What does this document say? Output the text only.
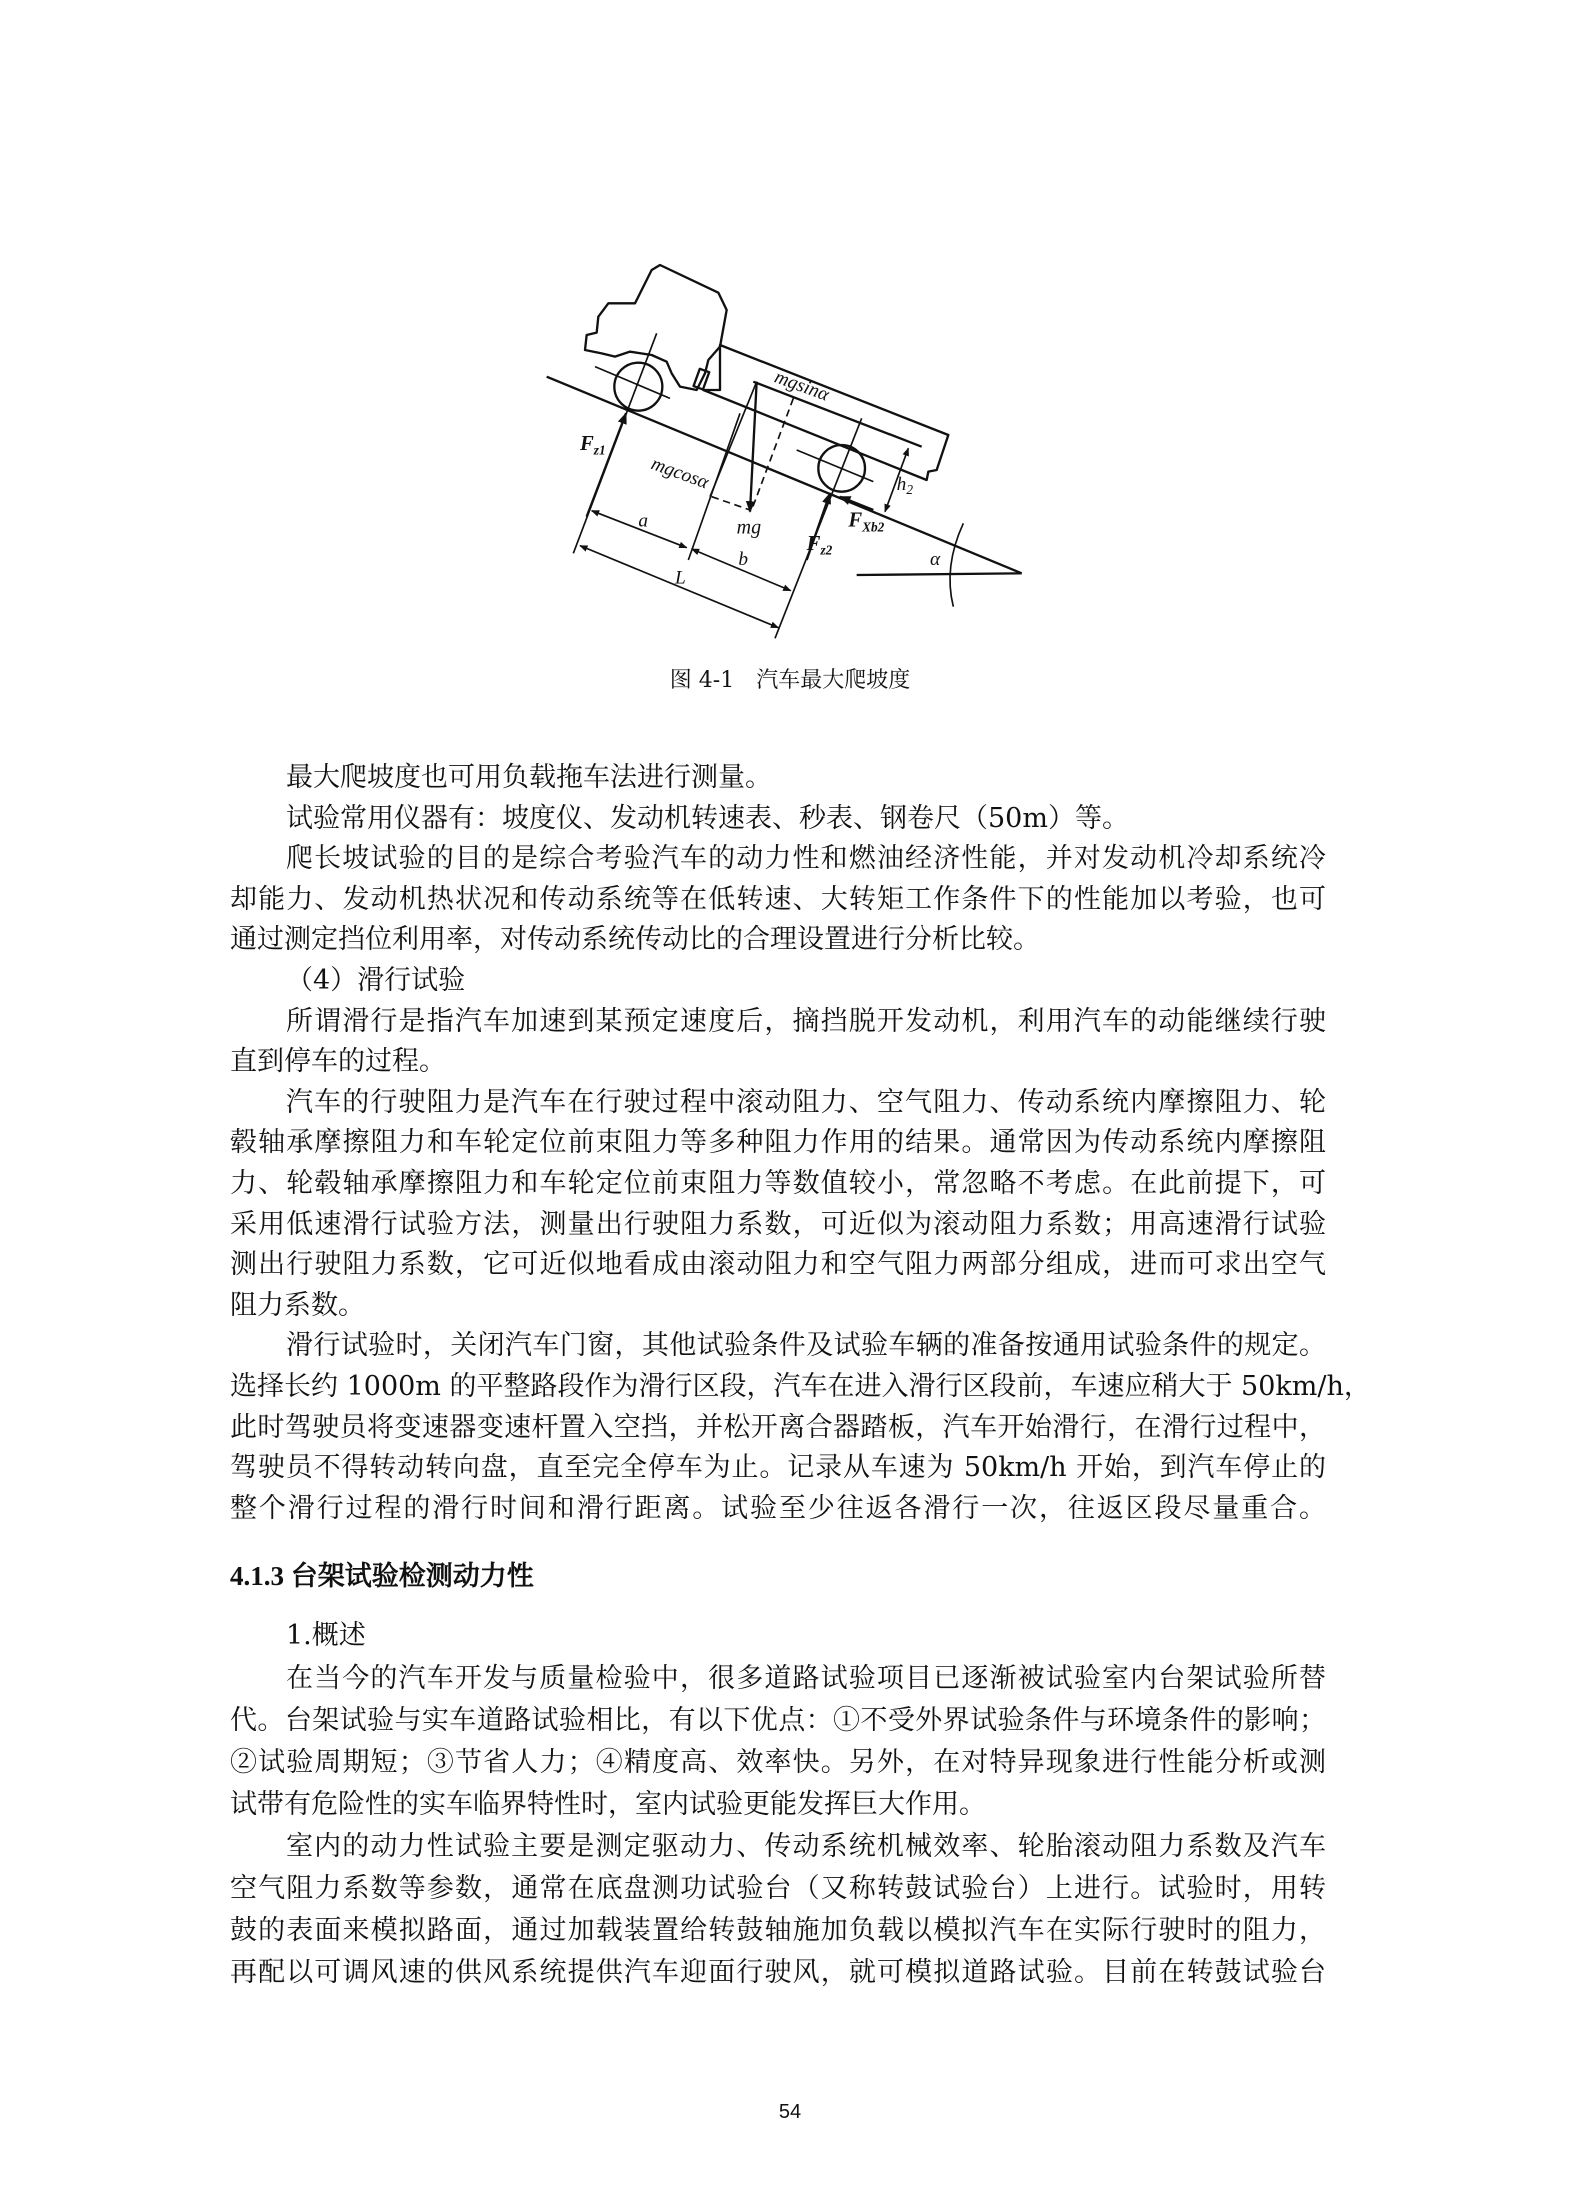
mgsinα
mgcosα
mg
$F_{z1}$
$F_{z2}$
$F_{Xb2}$
$h_2$
a
b
L
α
图 4-1　汽车最大爬坡度
最大爬坡度也可用负载拖车法进行测量。
试验常用仪器有：坡度仪、发动机转速表、秒表、钢卷尺（50m）等。
爬长坡试验的目的是综合考验汽车的动力性和燃油经济性能，并对发动机冷却系统冷
却能力、发动机热状况和传动系统等在低转速、大转矩工作条件下的性能加以考验，也可
通过测定挡位利用率，对传动系统传动比的合理设置进行分析比较。
（4）滑行试验
所谓滑行是指汽车加速到某预定速度后，摘挡脱开发动机，利用汽车的动能继续行驶
直到停车的过程。
汽车的行驶阻力是汽车在行驶过程中滚动阻力、空气阻力、传动系统内摩擦阻力、轮
毂轴承摩擦阻力和车轮定位前束阻力等多种阻力作用的结果。通常因为传动系统内摩擦阻
力、轮毂轴承摩擦阻力和车轮定位前束阻力等数值较小，常忽略不考虑。在此前提下，可
采用低速滑行试验方法，测量出行驶阻力系数，可近似为滚动阻力系数；用高速滑行试验
测出行驶阻力系数，它可近似地看成由滚动阻力和空气阻力两部分组成，进而可求出空气
阻力系数。
滑行试验时，关闭汽车门窗，其他试验条件及试验车辆的准备按通用试验条件的规定。
选择长约 1000m 的平整路段作为滑行区段，汽车在进入滑行区段前，车速应稍大于 50km/h，
此时驾驶员将变速器变速杆置入空挡，并松开离合器踏板，汽车开始滑行，在滑行过程中，
驾驶员不得转动转向盘，直至完全停车为止。记录从车速为 50km/h 开始，到汽车停止的
整个滑行过程的滑行时间和滑行距离。试验至少往返各滑行一次，往返区段尽量重合。
4.1.3 台架试验检测动力性
1.概述
在当今的汽车开发与质量检验中，很多道路试验项目已逐渐被试验室内台架试验所替
代。台架试验与实车道路试验相比，有以下优点：①不受外界试验条件与环境条件的影响；
②试验周期短；③节省人力；④精度高、效率快。另外，在对特异现象进行性能分析或测
试带有危险性的实车临界特性时，室内试验更能发挥巨大作用。
室内的动力性试验主要是测定驱动力、传动系统机械效率、轮胎滚动阻力系数及汽车
空气阻力系数等参数，通常在底盘测功试验台（又称转鼓试验台）上进行。试验时，用转
鼓的表面来模拟路面，通过加载装置给转鼓轴施加负载以模拟汽车在实际行驶时的阻力，
再配以可调风速的供风系统提供汽车迎面行驶风，就可模拟道路试验。目前在转鼓试验台
54
